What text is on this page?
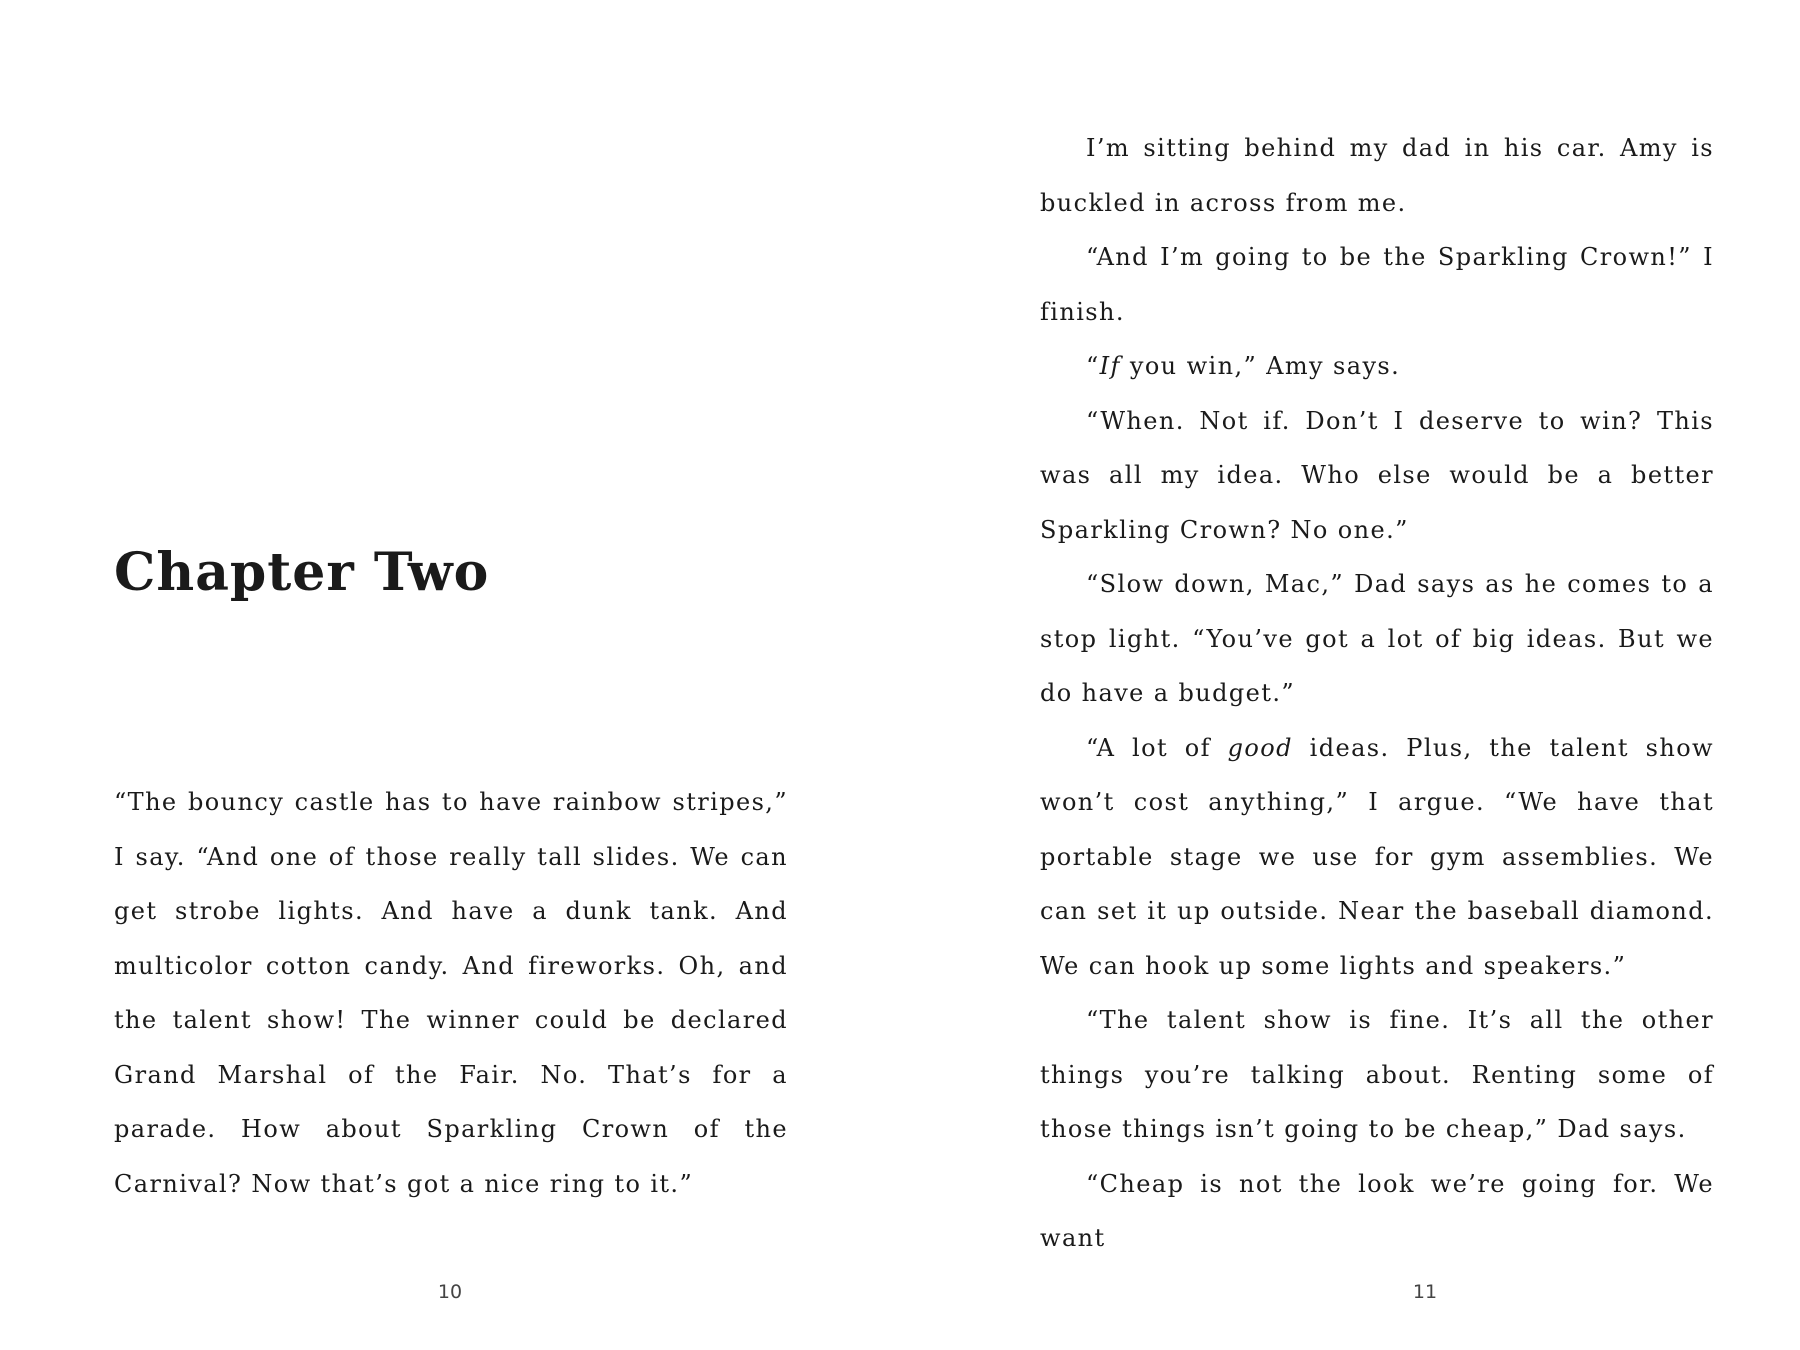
Chapter Two

“The bouncy castle has to have rainbow stripes,” I say. “And one of those really tall slides. We can get strobe lights. And have a dunk tank. And multicolor cotton candy. And fireworks. Oh, and the talent show! The winner could be declared Grand Marshal of the Fair. No. That’s for a parade. How about Sparkling Crown of the Carnival? Now that’s got a nice ring to it.”

10

I’m sitting behind my dad in his car. Amy is buckled in across from me.

“And I’m going to be the Sparkling Crown!” I finish.

“If you win,” Amy says.

“When. Not if. Don’t I deserve to win? This was all my idea. Who else would be a better Sparkling Crown? No one.”

“Slow down, Mac,” Dad says as he comes to a stop light. “You’ve got a lot of big ideas. But we do have a budget.”

“A lot of good ideas. Plus, the talent show won’t cost anything,” I argue. “We have that portable stage we use for gym assemblies. We can set it up outside. Near the baseball diamond. We can hook up some lights and speakers.”

“The talent show is fine. It’s all the other things you’re talking about. Renting some of those things isn’t going to be cheap,” Dad says.

“Cheap is not the look we’re going for. We want

11
